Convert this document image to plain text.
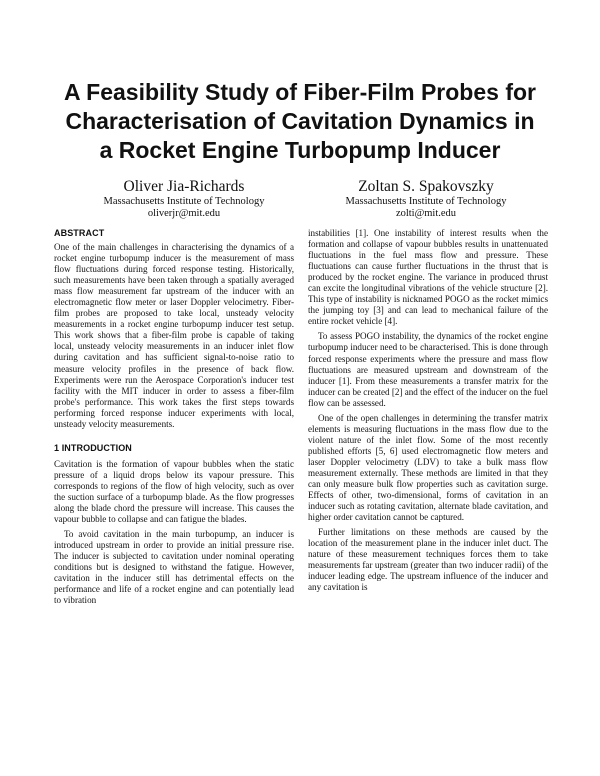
A Feasibility Study of Fiber-Film Probes for
Characterisation of Cavitation Dynamics in
a Rocket Engine Turbopump Inducer
Oliver Jia-Richards
Massachusetts Institute of Technology
oliverjr@mit.edu
Zoltan S. Spakovszky
Massachusetts Institute of Technology
zolti@mit.edu
ABSTRACT

One of the main challenges in characterising the dynamics of a rocket engine turbopump inducer is the measurement of mass flow fluctuations during forced response testing. Historically, such measurements have been taken through a spatially averaged mass flow measurement far upstream of the inducer with an electromagnetic flow meter or laser Doppler velocimetry. Fiber-film probes are proposed to take local, unsteady velocity measurements in a rocket engine turbopump inducer test setup. This work shows that a fiber-film probe is capable of taking local, unsteady velocity measurements in an inducer inlet flow during cavitation and has sufficient signal-to-noise ratio to measure velocity profiles in the presence of back flow. Experiments were run the Aerospace Corporation's inducer test facility with the MIT inducer in order to assess a fiber-film probe's performance. This work takes the first steps towards performing forced response inducer experiments with local, unsteady velocity measurements.

1 INTRODUCTION

Cavitation is the formation of vapour bubbles when the static pressure of a liquid drops below its vapour pressure. This corresponds to regions of the flow of high velocity, such as over the suction surface of a turbopump blade. As the flow progresses along the blade chord the pressure will increase. This causes the vapour bubble to collapse and can fatigue the blades.

To avoid cavitation in the main turbopump, an inducer is introduced upstream in order to provide an initial pressure rise. The inducer is subjected to cavitation under nominal operating conditions but is designed to withstand the fatigue. However, cavitation in the inducer still has detrimental effects on the performance and life of a rocket engine and can potentially lead to vibration

instabilities [1]. One instability of interest results when the formation and collapse of vapour bubbles results in unattenuated fluctuations in the fuel mass flow and pressure. These fluctuations can cause further fluctuations in the thrust that is produced by the rocket engine. The variance in produced thrust can excite the longitudinal vibrations of the vehicle structure [2]. This type of instability is nicknamed POGO as the rocket mimics the jumping toy [3] and can lead to mechanical failure of the entire rocket vehicle [4].

To assess POGO instability, the dynamics of the rocket engine turbopump inducer need to be characterised. This is done through forced response experiments where the pressure and mass flow fluctuations are measured upstream and downstream of the inducer [1]. From these measurements a transfer matrix for the inducer can be created [2] and the effect of the inducer on the fuel flow can be assessed.

One of the open challenges in determining the transfer matrix elements is measuring fluctuations in the mass flow due to the violent nature of the inlet flow. Some of the most recently published efforts [5, 6] used electromagnetic flow meters and laser Doppler velocimetry (LDV) to take a bulk mass flow measurement externally. These methods are limited in that they can only measure bulk flow properties such as cavitation surge. Effects of other, two-dimensional, forms of cavitation in an inducer such as rotating cavitation, alternate blade cavitation, and higher order cavitation cannot be captured.

Further limitations on these methods are caused by the location of the measurement plane in the inducer inlet duct. The nature of these measurement techniques forces them to take measurements far upstream (greater than two inducer radii) of the inducer leading edge. The upstream influence of the inducer and any cavitation is
